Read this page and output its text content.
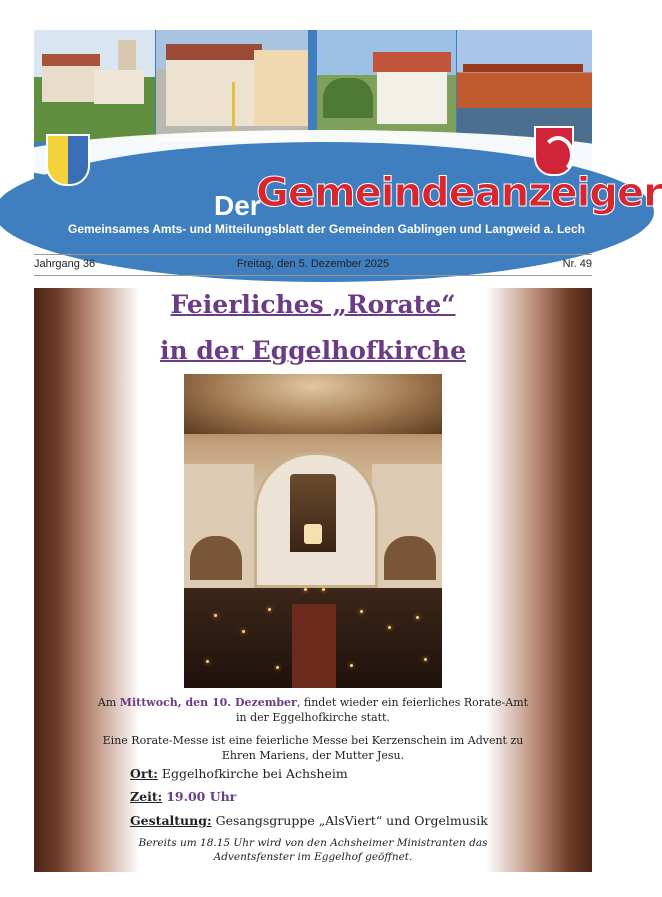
Der
Gemeindeanzeiger
Gemeinsames Amts- und Mitteilungsblatt der Gemeinden Gablingen und Langweid a. Lech
Freitag, den 5. Dezember 2025
Jahrgang 36	Nr. 49
Feierliches „Rorate“
in der Eggelhofkirche
Am Mittwoch, den 10. Dezember, findet wieder ein feierliches Rorate-Amt
in der Eggelhofkirche statt.
Eine Rorate-Messe ist eine feierliche Messe bei Kerzenschein im Advent zu
Ehren Mariens, der Mutter Jesu.
Ort: Eggelhofkirche bei Achsheim
Zeit: 19.00 Uhr
Gestaltung: Gesangsgruppe „AlsViert“ und Orgelmusik
Bereits um 18.15 Uhr wird von den Achsheimer Ministranten das
Adventsfenster im Eggelhof geöffnet.
